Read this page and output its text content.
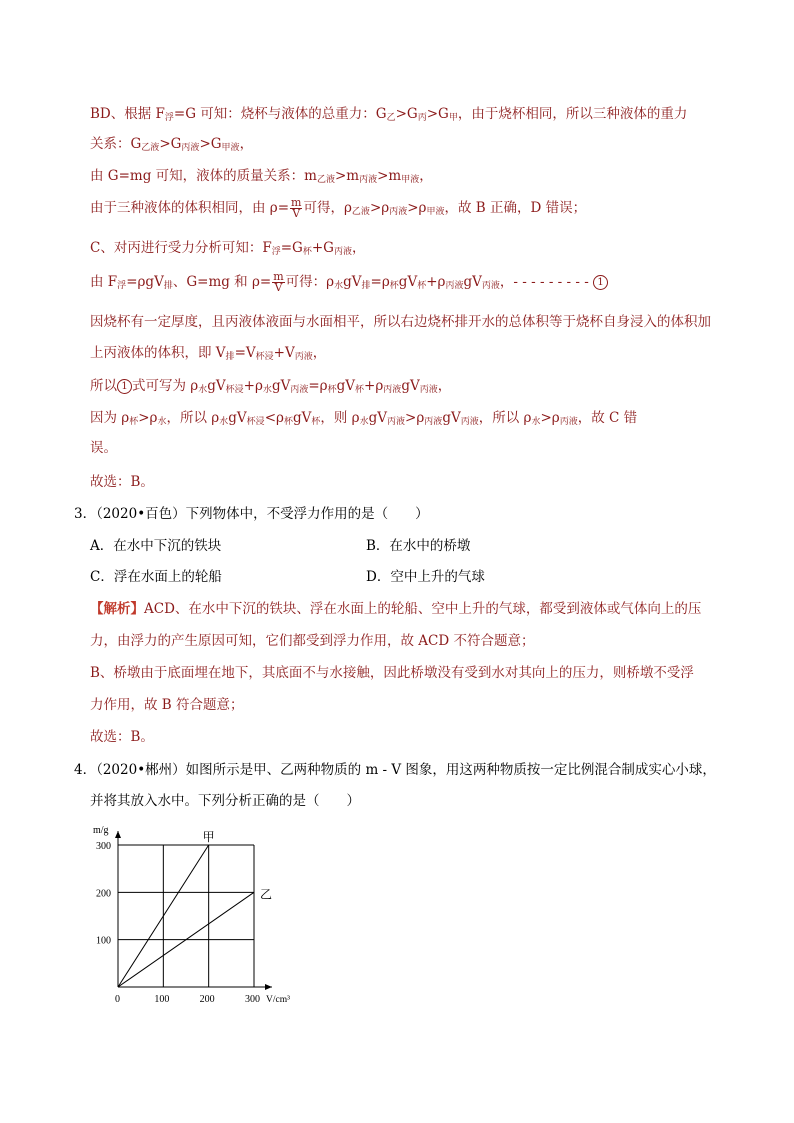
BD、根据 $F_浮=G$ 可知：烧杯与液体的总重力：$G_乙>G_丙>G_甲$，由于烧杯相同，所以三种液体的重力
关系：$G_{乙液}>G_{丙液}>G_{甲液}$，
由 G=mg 可知，液体的质量关系：$m_{乙液}>m_{丙液}>m_{甲液}$，
由于三种液体的体积相同，由 $\rho= \frac{m}{V}$ 可得，$\rho_{乙液}>\rho_{丙液}>\rho_{甲液}$，故 B 正确，D 错误；
C、对丙进行受力分析可知：$F_浮=G_杯+G_{丙液}$，
由 $F_浮=\rho gV_排$、G=mg 和 $\rho= \frac{m}{V}$ 可得：$\rho_水gV_排=\rho_杯gV_杯+\rho_{丙液}gV_{丙液}$，- - - - - - - - - 1
因烧杯有一定厚度，且丙液体液面与水面相平，所以右边烧杯排开水的总体积等于烧杯自身浸入的体积加
上丙液体的体积，即 $V_排=V_{杯浸}+V_{丙液}$，
所以 1 式可写为 $\rho_水gV_{杯浸}+\rho_水gV_{丙液}=\rho_杯gV_杯+\rho_{丙液}gV_{丙液}$，
因为 $\rho_杯>\rho_水$，所以 $\rho_水gV_{杯浸}<\rho_杯gV_杯$，则 $\rho_水gV_{丙液}>\rho_{丙液}gV_{丙液}$，所以 $\rho_水>\rho_{丙液}$，故 C 错
误。
故选：B。
3．（2020•百色）下列物体中，不受浮力作用的是（　　）
A．在水中下沉的铁块	B．在水中的桥墩
C．浮在水面上的轮船	D．空中上升的气球
【解析】ACD、在水中下沉的铁块、浮在水面上的轮船、空中上升的气球，都受到液体或气体向上的压
力，由浮力的产生原因可知，它们都受到浮力作用，故 ACD 不符合题意；
B、桥墩由于底面埋在地下，其底面不与水接触，因此桥墩没有受到水对其向上的压力，则桥墩不受浮
力作用，故 B 符合题意；
故选：B。
4．（2020•郴州）如图所示是甲、乙两种物质的 m - V 图象，用这两种物质按一定比例混合制成实心小球，
并将其放入水中。下列分析正确的是（　　）
甲
乙
0	100	200	300
100
200
300
V/cm³
m/g
